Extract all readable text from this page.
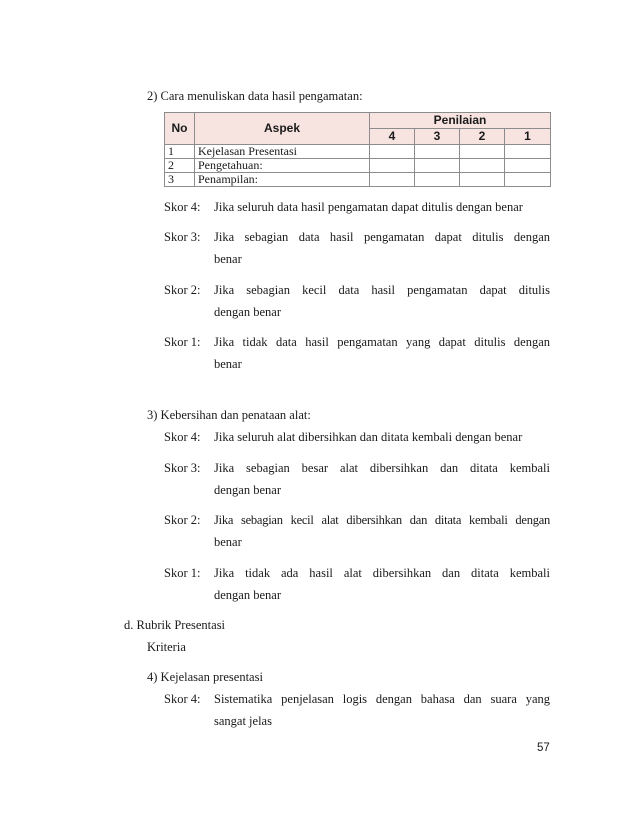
2) Cara menuliskan data hasil pengamatan:
No	Aspek	Penilaian			
		4	3	2	1
1	Kejelasan Presentasi				
2	Pengetahuan:				
3	Penampilan:				
Skor 4:	Jika seluruh data hasil pengamatan dapat ditulis dengan benar
Skor 3:	Jika sebagian data hasil pengamatan dapat ditulis dengan
benar
Skor 2:	Jika sebagian kecil data hasil pengamatan dapat ditulis
dengan benar
Skor 1:	Jika tidak data hasil pengamatan yang dapat ditulis dengan
benar
3) Kebersihan dan penataan alat:
Skor 4:	Jika seluruh alat dibersihkan dan ditata kembali dengan benar
Skor 3:	Jika sebagian besar alat dibersihkan dan ditata kembali
dengan benar
Skor 2:	Jika sebagian kecil alat dibersihkan dan ditata kembali dengan
benar
Skor 1:	Jika tidak ada hasil alat dibersihkan dan ditata kembali
dengan benar
d. Rubrik Presentasi
Kriteria
4) Kejelasan presentasi
Skor 4:	Sistematika penjelasan logis dengan bahasa dan suara yang
sangat jelas
57
